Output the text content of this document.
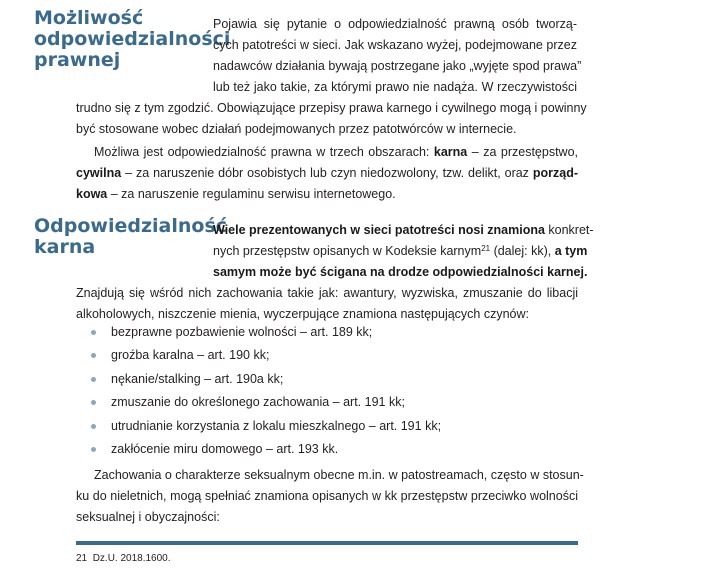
Możliwość
odpowiedzialności
prawnej
Pojawia się pytanie o odpowiedzialność prawną osób tworzą-
cych patotreści w sieci. Jak wskazano wyżej, podejmowane przez
nadawców działania bywają postrzegane jako „wyjęte spod prawa”
lub też jako takie, za którymi prawo nie nadąża. W rzeczywistości
trudno się z tym zgodzić. Obowiązujące przepisy prawa karnego i cywilnego mogą i powinny
być stosowane wobec działań podejmowanych przez patotwórców w internecie.
Możliwa jest odpowiedzialność prawna w trzech obszarach: karna – za przestępstwo,
cywilna – za naruszenie dóbr osobistych lub czyn niedozwolony, tzw. delikt, oraz porząd-
kowa – za naruszenie regulaminu serwisu internetowego.
Odpowiedzialność
karna
Wiele prezentowanych w sieci patotreści nosi znamiona konkret-
nych przestępstw opisanych w Kodeksie karnym$^{21}$ (dalej: kk), a tym
samym może być ścigana na drodze odpowiedzialności karnej.
Znajdują się wśród nich zachowania takie jak: awantury, wyzwiska, zmuszanie do libacji
alkoholowych, niszczenie mienia, wyczerpujące znamiona następujących czynów:
bezprawne pozbawienie wolności – art. 189 kk;
groźba karalna – art. 190 kk;
nękanie/stalking – art. 190a kk;
zmuszanie do określonego zachowania – art. 191 kk;
utrudnianie korzystania z lokalu mieszkalnego – art. 191 kk;
zakłócenie miru domowego – art. 193 kk.
Zachowania o charakterze seksualnym obecne m.in. w patostreamach, często w stosun-
ku do nieletnich, mogą spełniać znamiona opisanych w kk przestępstw przeciwko wolności
seksualnej i obyczajności:
21 Dz.U. 2018.1600.
